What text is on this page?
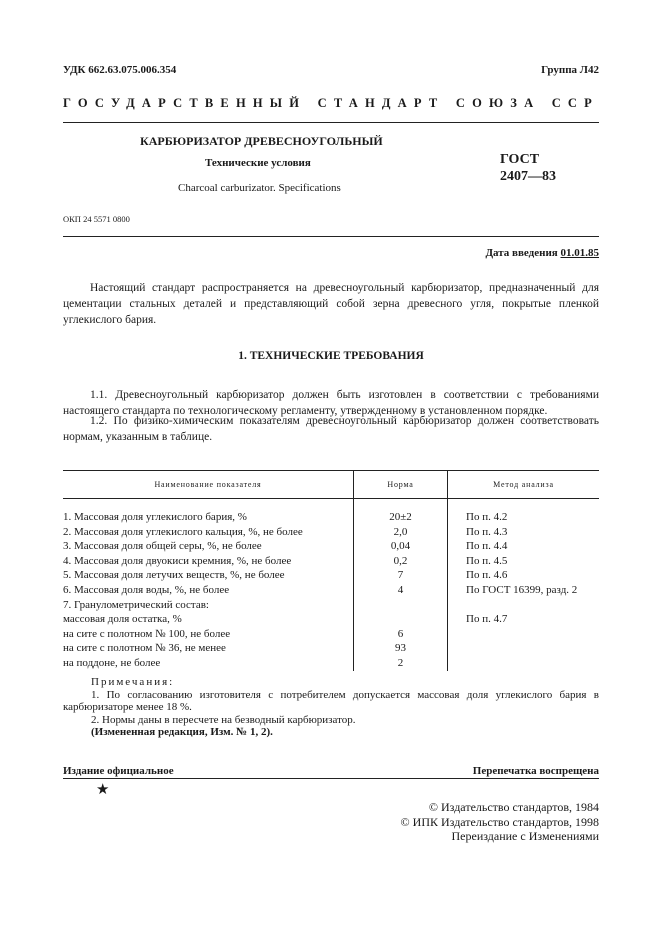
УДК 662.63.075.006.354	Группа Л42
ГОСУДАРСТВЕННЫЙ СТАНДАРТ СОЮЗА ССР
КАРБЮРИЗАТОР ДРЕВЕСНОУГОЛЬНЫЙ
Технические условия
Charcoal carburizator. Specifications
ГОСТ
2407—83
ОКП 24 5571 0800
Дата введения 01.01.85
Настоящий стандарт распространяется на древесноугольный карбюризатор, предназначенный для цементации стальных деталей и представляющий собой зерна древесного угля, покрытые пленкой углекислого бария.
1. ТЕХНИЧЕСКИЕ ТРЕБОВАНИЯ
1.1. Древесноугольный карбюризатор должен быть изготовлен в соответствии с требованиями настоящего стандарта по технологическому регламенту, утвержденному в установленном порядке.
1.2. По физико-химическим показателям древесноугольный карбюризатор должен соответствовать нормам, указанным в таблице.
Наименование показателя	Норма	Метод анализа

1. Массовая доля углекислого бария, %	20±2	По п. 4.2
2. Массовая доля углекислого кальция, %, не более	2,0	По п. 4.3
3. Массовая доля общей серы, %, не более	0,04	По п. 4.4
4. Массовая доля двуокиси кремния, %, не более	0,2	По п. 4.5
5. Массовая доля летучих веществ, %, не более	7	По п. 4.6
6. Массовая доля воды, %, не более	4	По ГОСТ 16399, разд. 2
7. Гранулометрический состав:		
массовая доля остатка, %		По п. 4.7
на сите с полотном № 100, не более	6	
на сите с полотном № 36, не менее	93	
на поддоне, не более	2	
Примечания:
1. По согласованию изготовителя с потребителем допускается массовая доля углекислого бария в карбюризаторе менее 18 %.
2. Нормы даны в пересчете на безводный карбюризатор.
(Измененная редакция, Изм. № 1, 2).
Издание официальное	Перепечатка воспрещена
★
© Издательство стандартов, 1984
© ИПК Издательство стандартов, 1998
Переиздание с Изменениями
